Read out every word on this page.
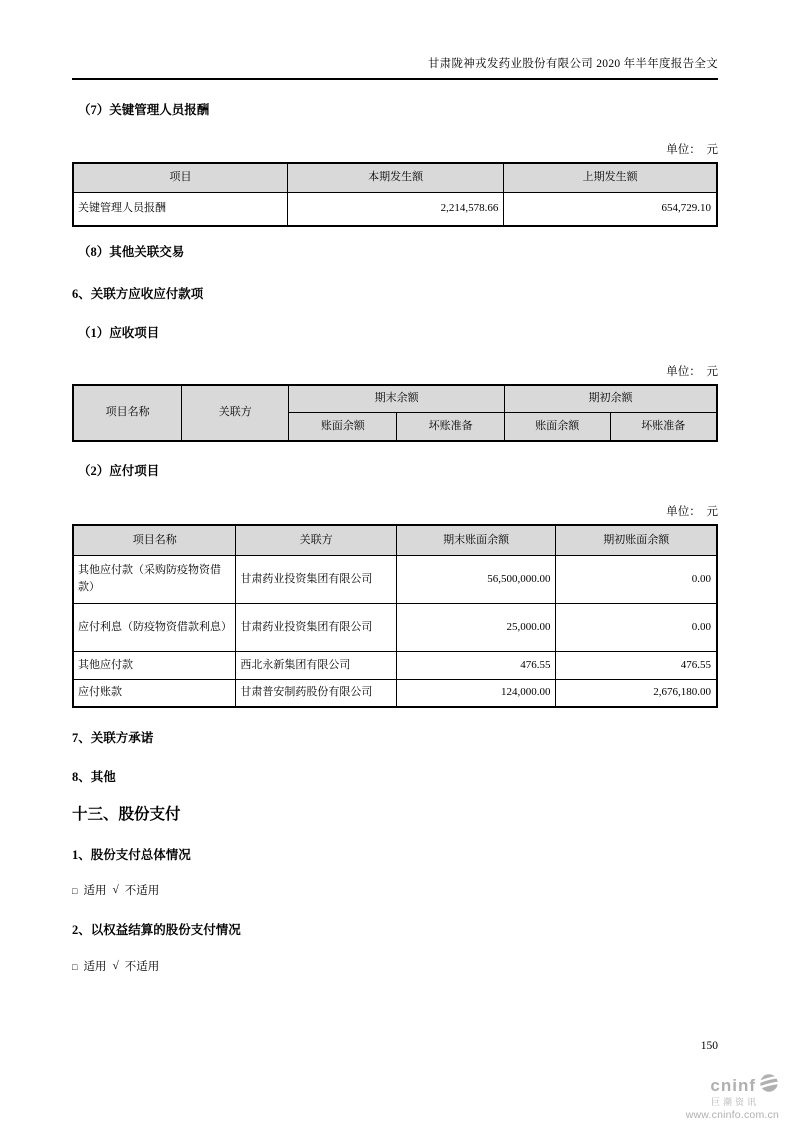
甘肃陇神戎发药业股份有限公司 2020 年半年度报告全文
（7）关键管理人员报酬
单位：  元
项目	本期发生额	上期发生额
关键管理人员报酬	2,214,578.66	654,729.10
（8）其他关联交易
6、关联方应收应付款项
（1）应收项目
单位：  元
项目名称	关联方	期末余额		期初余额	
		账面余额	坏账准备	账面余额	坏账准备
（2）应付项目
单位：  元
项目名称	关联方	期末账面余额	期初账面余额
其他应付款（采购防疫物资借款）	甘肃药业投资集团有限公司	56,500,000.00	0.00
应付利息（防疫物资借款利息）	甘肃药业投资集团有限公司	25,000.00	0.00
其他应付款	西北永新集团有限公司	476.55	476.55
应付账款	甘肃普安制药股份有限公司	124,000.00	2,676,180.00
7、关联方承诺
8、其他
十三、股份支付
1、股份支付总体情况
□ 适用 √ 不适用
2、以权益结算的股份支付情况
□ 适用 √ 不适用
150
cninf
巨潮资讯
www.cninfo.com.cn
